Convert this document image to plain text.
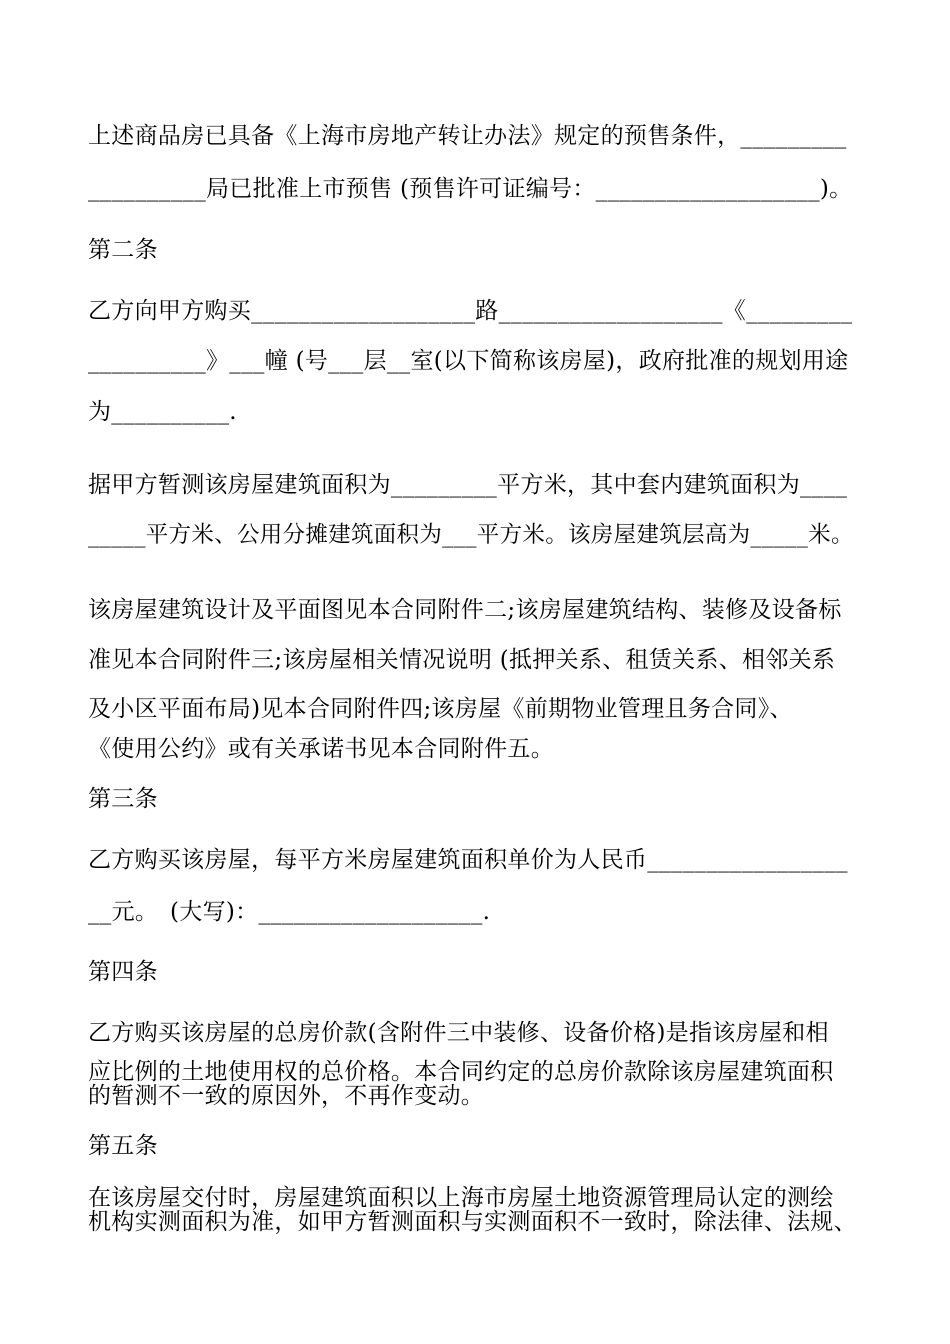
上述商品房已具备《上海市房地产转让办法》规定的预售条件，_________
__________局已批准上市预售 (预售许可证编号：___________________)。
第二条
乙方向甲方购买___________________路___________________《_________
__________》___幢 (号___层__室(以下简称该房屋)，政府批准的规划用途
为__________.
据甲方暂测该房屋建筑面积为_________平方米，其中套内建筑面积为____
_____平方米、公用分摊建筑面积为___平方米。该房屋建筑层高为_____米。
该房屋建筑设计及平面图见本合同附件二;该房屋建筑结构、装修及设备标
准见本合同附件三;该房屋相关情况说明 (抵押关系、租赁关系、相邻关系
及小区平面布局)见本合同附件四;该房屋《前期物业管理且务合同》、
《使用公约》或有关承诺书见本合同附件五。
第三条
乙方购买该房屋，每平方米房屋建筑面积单价为人民币_________________
__元。　(大写)：___________________.
第四条
乙方购买该房屋的总房价款(含附件三中装修、设备价格)是指该房屋和相
应比例的土地使用权的总价格。本合同约定的总房价款除该房屋建筑面积
的暂测不一致的原因外，不再作变动。
第五条
在该房屋交付时，房屋建筑面积以上海市房屋土地资源管理局认定的测绘
机构实测面积为准，如甲方暂测面积与实测面积不一致时，除法律、法规、
